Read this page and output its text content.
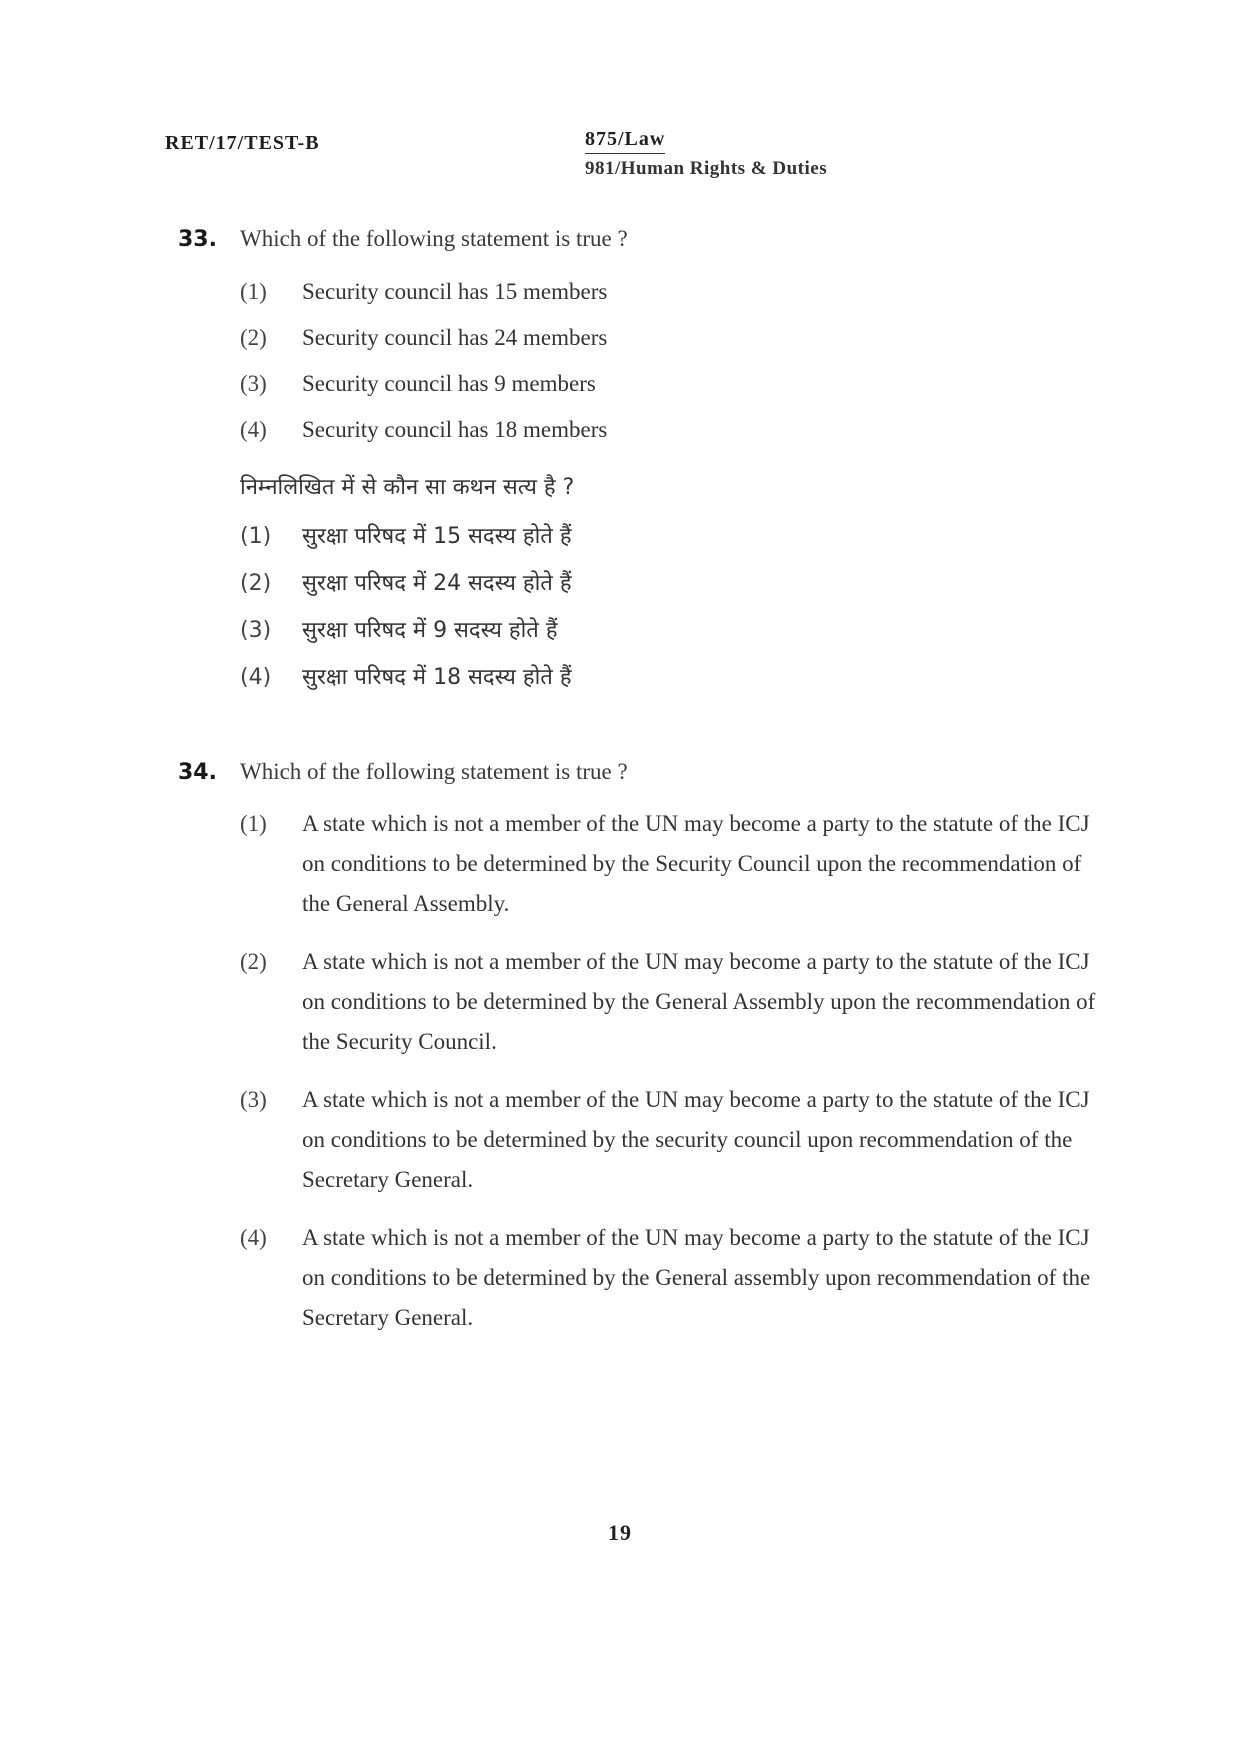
RET/17/TEST-B	875/Law
981/Human Rights & Duties
33.	Which of the following statement is true ?
(1)	Security council has 15 members
(2)	Security council has 24 members
(3)	Security council has 9 members
(4)	Security council has 18 members
निम्नलिखित में से कौन सा कथन सत्य है ?
(1)	सुरक्षा परिषद में 15 सदस्य होते हैं
(2)	सुरक्षा परिषद में 24 सदस्य होते हैं
(3)	सुरक्षा परिषद में 9 सदस्य होते हैं
(4)	सुरक्षा परिषद में 18 सदस्य होते हैं
34.	Which of the following statement is true ?
(1)	A state which is not a member of the UN may become a party to the statute of the ICJ on conditions to be determined by the Security Council upon the recommendation of the General Assembly.
(2)	A state which is not a member of the UN may become a party to the statute of the ICJ on conditions to be determined by the General Assembly upon the recommendation of the Security Council.
(3)	A state which is not a member of the UN may become a party to the statute of the ICJ on conditions to be determined by the security council upon recommendation of the Secretary General.
(4)	A state which is not a member of the UN may become a party to the statute of the ICJ on conditions to be determined by the General assembly upon recommendation of the Secretary General.
19
